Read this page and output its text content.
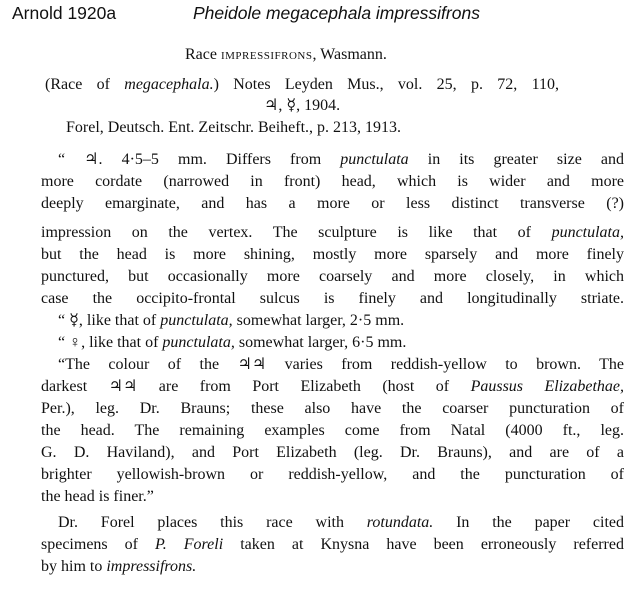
Arnold 1920a	Pheidole megacephala impressifrons
Race impressifrons, Wasmann.
(Race of megacephala.) Notes Leyden Mus., vol. 25, p. 72, 110,
♃, ☿, 1904.
Forel, Deutsch. Ent. Zeitschr. Beiheft., p. 213, 1913.
“ ♃. 4·5–5 mm. Differs from punctulata in its greater size and
more cordate (narrowed in front) head, which is wider and more
deeply emarginate, and has a more or less distinct transverse (?)
impression on the vertex. The sculpture is like that of punctulata,
but the head is more shining, mostly more sparsely and more finely
punctured, but occasionally more coarsely and more closely, in which
case the occipito-frontal sulcus is finely and longitudinally striate.
“ ☿, like that of punctulata, somewhat larger, 2·5 mm.
“ ♀, like that of punctulata, somewhat larger, 6·5 mm.
“The colour of the ♃♃ varies from reddish-yellow to brown. The
darkest ♃♃ are from Port Elizabeth (host of Paussus Elizabethae,
Per.), leg. Dr. Brauns; these also have the coarser puncturation of
the head. The remaining examples come from Natal (4000 ft., leg.
G. D. Haviland), and Port Elizabeth (leg. Dr. Brauns), and are of a
brighter yellowish-brown or reddish-yellow, and the puncturation of
the head is finer.”
Dr. Forel places this race with rotundata. In the paper cited
specimens of P. Foreli taken at Knysna have been erroneously referred
by him to impressifrons.
